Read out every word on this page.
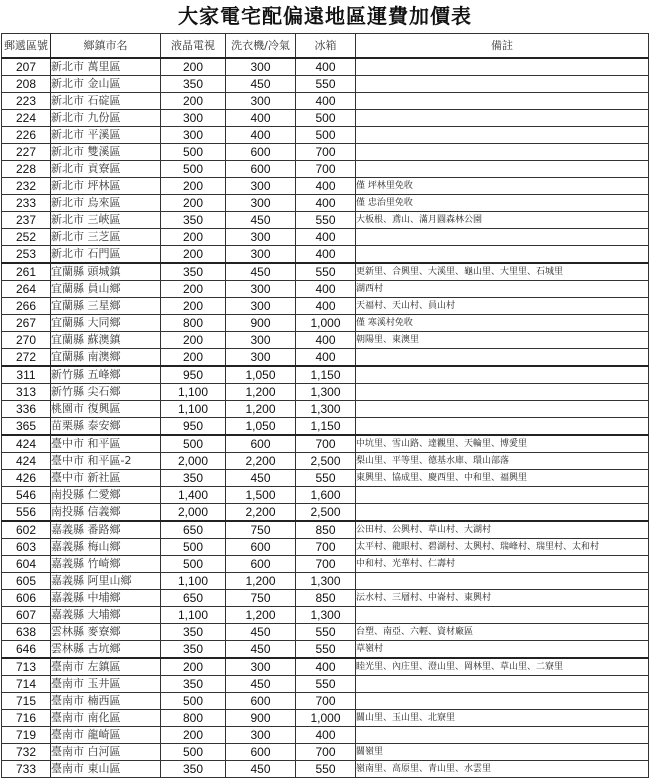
大家電宅配偏遠地區運費加價表
郵遞區號	鄉鎮市名	液晶電視	洗衣機/冷氣	冰箱	備註
207	新北市 萬里區	200	300	400	
208	新北市 金山區	350	450	550	
223	新北市 石碇區	200	300	400	
224	新北市 九份區	300	400	500	
226	新北市 平溪區	300	400	500	
227	新北市 雙溪區	500	600	700	
228	新北市 貢寮區	500	600	700	
232	新北市 坪林區	200	300	400	僅 坪林里免收
233	新北市 烏來區	200	300	400	僅 忠治里免收
237	新北市 三峽區	350	450	550	大板根、鳶山、滿月圓森林公園
252	新北市 三芝區	200	300	400	
253	新北市 石門區	200	300	400	
261	宜蘭縣 頭城鎮	350	450	550	更新里、合興里、大溪里、龜山里、大里里、石城里
264	宜蘭縣 員山鄉	200	300	400	湖西村
266	宜蘭縣 三星鄉	200	300	400	天福村、天山村、員山村
267	宜蘭縣 大同鄉	800	900	1,000	僅 寒溪村免收
270	宜蘭縣 蘇澳鎮	200	300	400	朝陽里、東澳里
272	宜蘭縣 南澳鄉	200	300	400	
311	新竹縣 五峰鄉	950	1,050	1,150	
313	新竹縣 尖石鄉	1,100	1,200	1,300	
336	桃園市 復興區	1,100	1,200	1,300	
365	苗栗縣 泰安鄉	950	1,050	1,150	
424	臺中市 和平區	500	600	700	中坑里、雪山路、達觀里、天輪里、博愛里
424	臺中市 和平區-2	2,000	2,200	2,500	梨山里、平等里、德基水庫、環山部落
426	臺中市 新社區	350	450	550	東興里、協成里、慶西里、中和里、福興里
546	南投縣 仁愛鄉	1,400	1,500	1,600	
556	南投縣 信義鄉	2,000	2,200	2,500	
602	嘉義縣 番路鄉	650	750	850	公田村、公興村、草山村、大湖村
603	嘉義縣 梅山鄉	500	600	700	太平村、龍眼村、碧湖村、太興村、瑞峰村、瑞里村、太和村
604	嘉義縣 竹崎鄉	500	600	700	中和村、光華村、仁壽村
605	嘉義縣 阿里山鄉	1,100	1,200	1,300	
606	嘉義縣 中埔鄉	650	750	850	沄水村、三層村、中崙村、東興村
607	嘉義縣 大埔鄉	1,100	1,200	1,300	
638	雲林縣 麥寮鄉	350	450	550	台塑、南亞、六輕、資材廠區
646	雲林縣 古坑鄉	350	450	550	草嶺村
713	臺南市 左鎮區	200	300	400	睦光里、內庄里、澄山里、岡林里、草山里、二寮里
714	臺南市 玉井區	350	450	550	
715	臺南市 楠西區	500	600	700	
716	臺南市 南化區	800	900	1,000	關山里、玉山里、北寮里
719	臺南市 龍崎區	200	300	400	
732	臺南市 白河區	500	600	700	關嶺里
733	臺南市 東山區	350	450	550	嶺南里、高原里、青山里、水雲里
